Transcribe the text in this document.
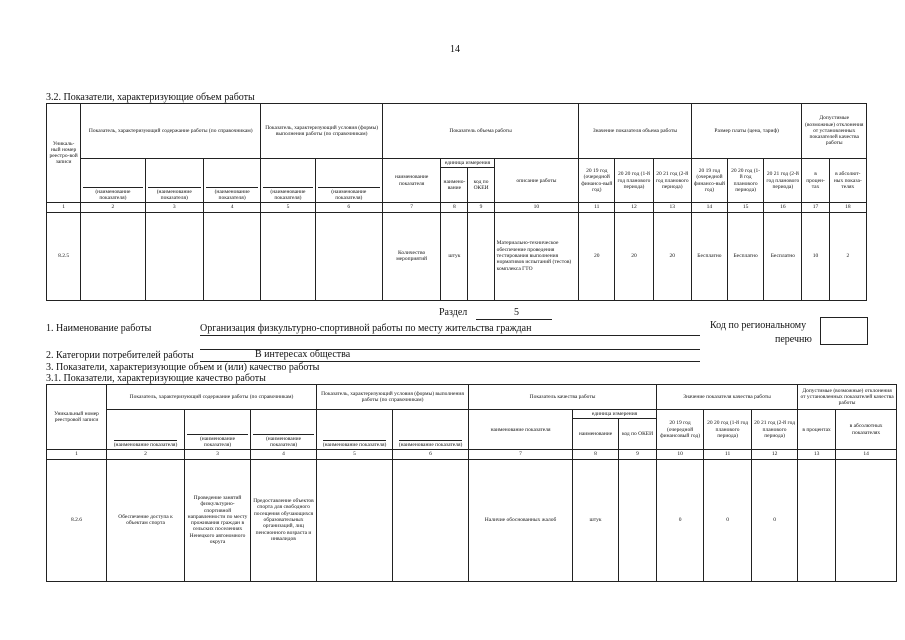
14
3.2. Показатели, характеризующие объем работы
Уникаль-ный номер реестро-вой записи	Показатель, характеризующий содержание работы (по справочникам)			Показатель, характеризующий условия (формы) выполнения работы (по справочникам)		Показатель объема работы				Значение показателя объема работы			Размер платы (цена, тариф)			Допустимые (возможные) отклонения от установленных показателей качества работы	
	(наименование показателя)	(наименование показателя)	(наименование показателя)	(наименование показателя)	(наименование показателя)	наименование показателя	единица измерения		описание работы	20 19 год (очередной финансо-вый год)	20 20 год (1-й год планового периода)	20 21 год (2-й год планового периода)	20 19 год (очередной финансо-вый год)	20 20 год (1-й год планового периода)	20 21 год (2-й год планового периода)	в процен-тах	в абсолют-ных показа-телях
							наимено-вание	код по ОКЕИ									
1	2	3	4	5	6	7	8	9	10	11	12	13	14	15	16	17	18
8.2.5						Количество мероприятий	штук		Материально-техническое обеспечение проведения тестирования выполнения нормативов испытаний (тестов) комплекса ГТО	20	20	20	Бесплатно	Бесплатно	Бесплатно	10	2
Раздел	5
1. Наименование работы	Организация физкультурно-спортивной работы по месту жительства граждан	Код по региональному
перечню
2. Категории потребителей работы	В интересах общества
3. Показатели, характеризующие объем и (или) качество работы
3.1. Показатели, характеризующие качество работы
Уникальный номер реестровой записи	Показатель, характеризующий содержание работы (по справочникам)			Показатель, характеризующий условия (формы) выполнения работы (по справочникам)		Показатель качества работы			Значение показателя качества работы			Допустимые (возможные) отклонения от установленных показателей качества работы	
	(наименование показателя)	(наименование показателя)	(наименование показателя)	(наименование показателя)	(наименование показателя)	наименование показателя	единица измерения		20 19 год (очередной финансовый год)	20 20 год (1-й год планового периода)	20 21 год (2-й год планового периода)	в процентах	в абсолютных показателях
							наименование	код по ОКЕИ					
1	2	3	4	5	6	7	8	9	10	11	12	13	14
8.2.6	Обеспечение доступа к объектам спорта	Проведение занятий физкультурно-спортивной направленности по месту проживания граждан в сельских поселениях Ненецкого автономного округа	Предоставление объектов спорта для свободного посещения обучающихся образовательных организаций, лиц пенсионного возраста и инвалидов			Наличие обоснованных жалоб	штук		0	0	0		
